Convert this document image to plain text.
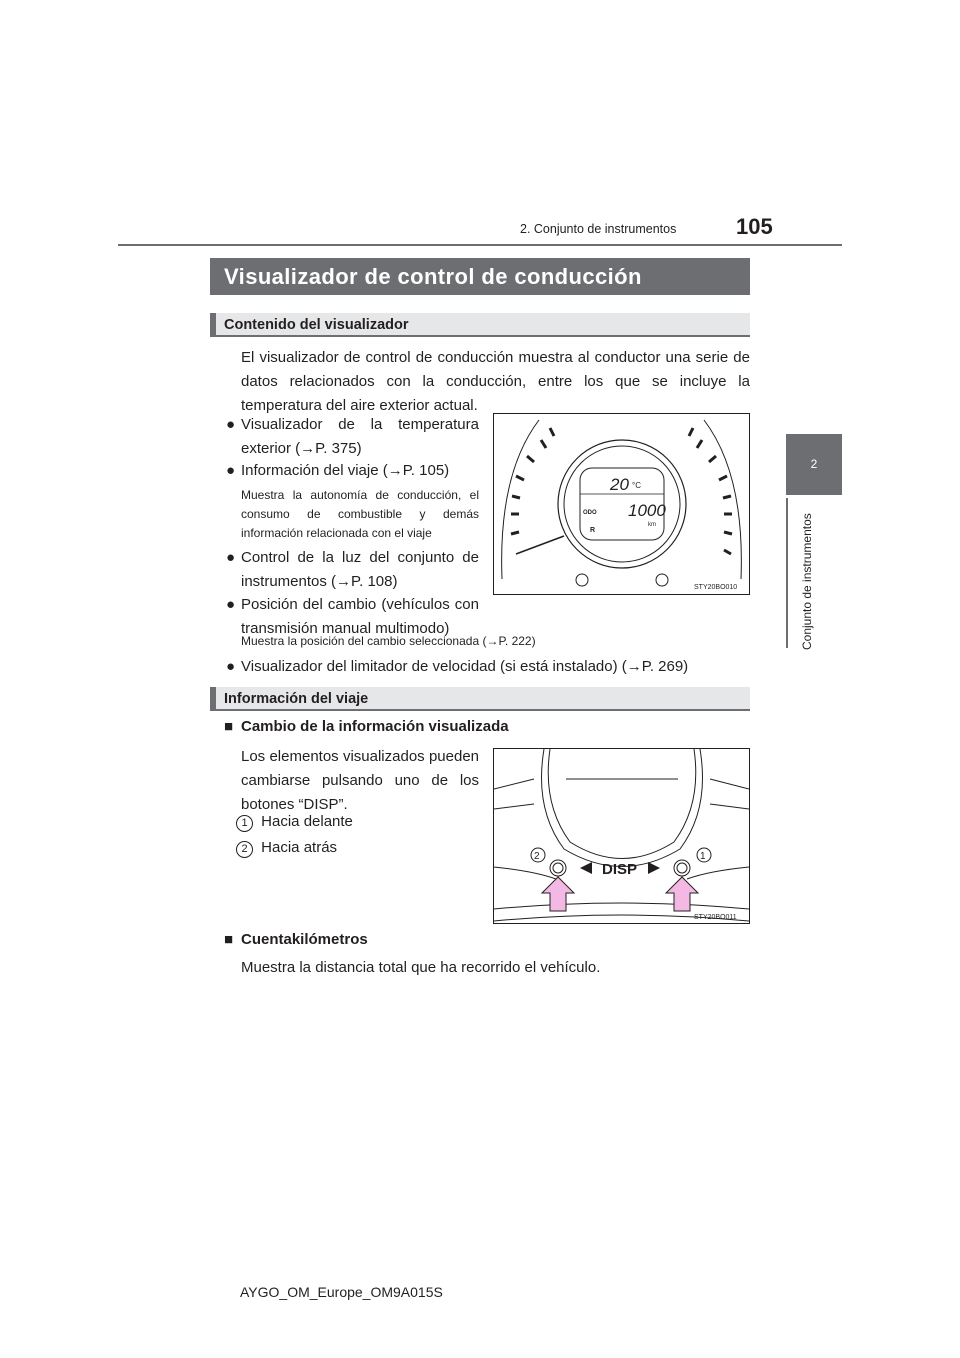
2. Conjunto de instrumentos	105
2
Conjunto de instrumentos
Visualizador de control de conducción
Contenido del visualizador
El visualizador de control de conducción muestra al conductor una serie de datos relacionados con la conducción, entre los que se incluye la temperatura del aire exterior actual.
● Visualizador de la temperatura exterior (→P. 375)
● Información del viaje (→P. 105)
Muestra la autonomía de conducción, el consumo de combustible y demás información relacionada con el viaje
● Control de la luz del conjunto de instrumentos (→P. 108)
● Posición del cambio (vehículos con transmisión manual multimodo)
Muestra la posición del cambio seleccionada (→P. 222)
● Visualizador del limitador de velocidad (si está instalado) (→P. 269)
20 °C
ODO 1000
km
R
STY20BO010
Información del viaje
■ Cambio de la información visualizada
Los elementos visualizados pueden cambiarse pulsando uno de los botones “DISP”.
1 Hacia delante
2 Hacia atrás
DISP
2	1
STY20BO011
■ Cuentakilómetros
Muestra la distancia total que ha recorrido el vehículo.
AYGO_OM_Europe_OM9A015S
